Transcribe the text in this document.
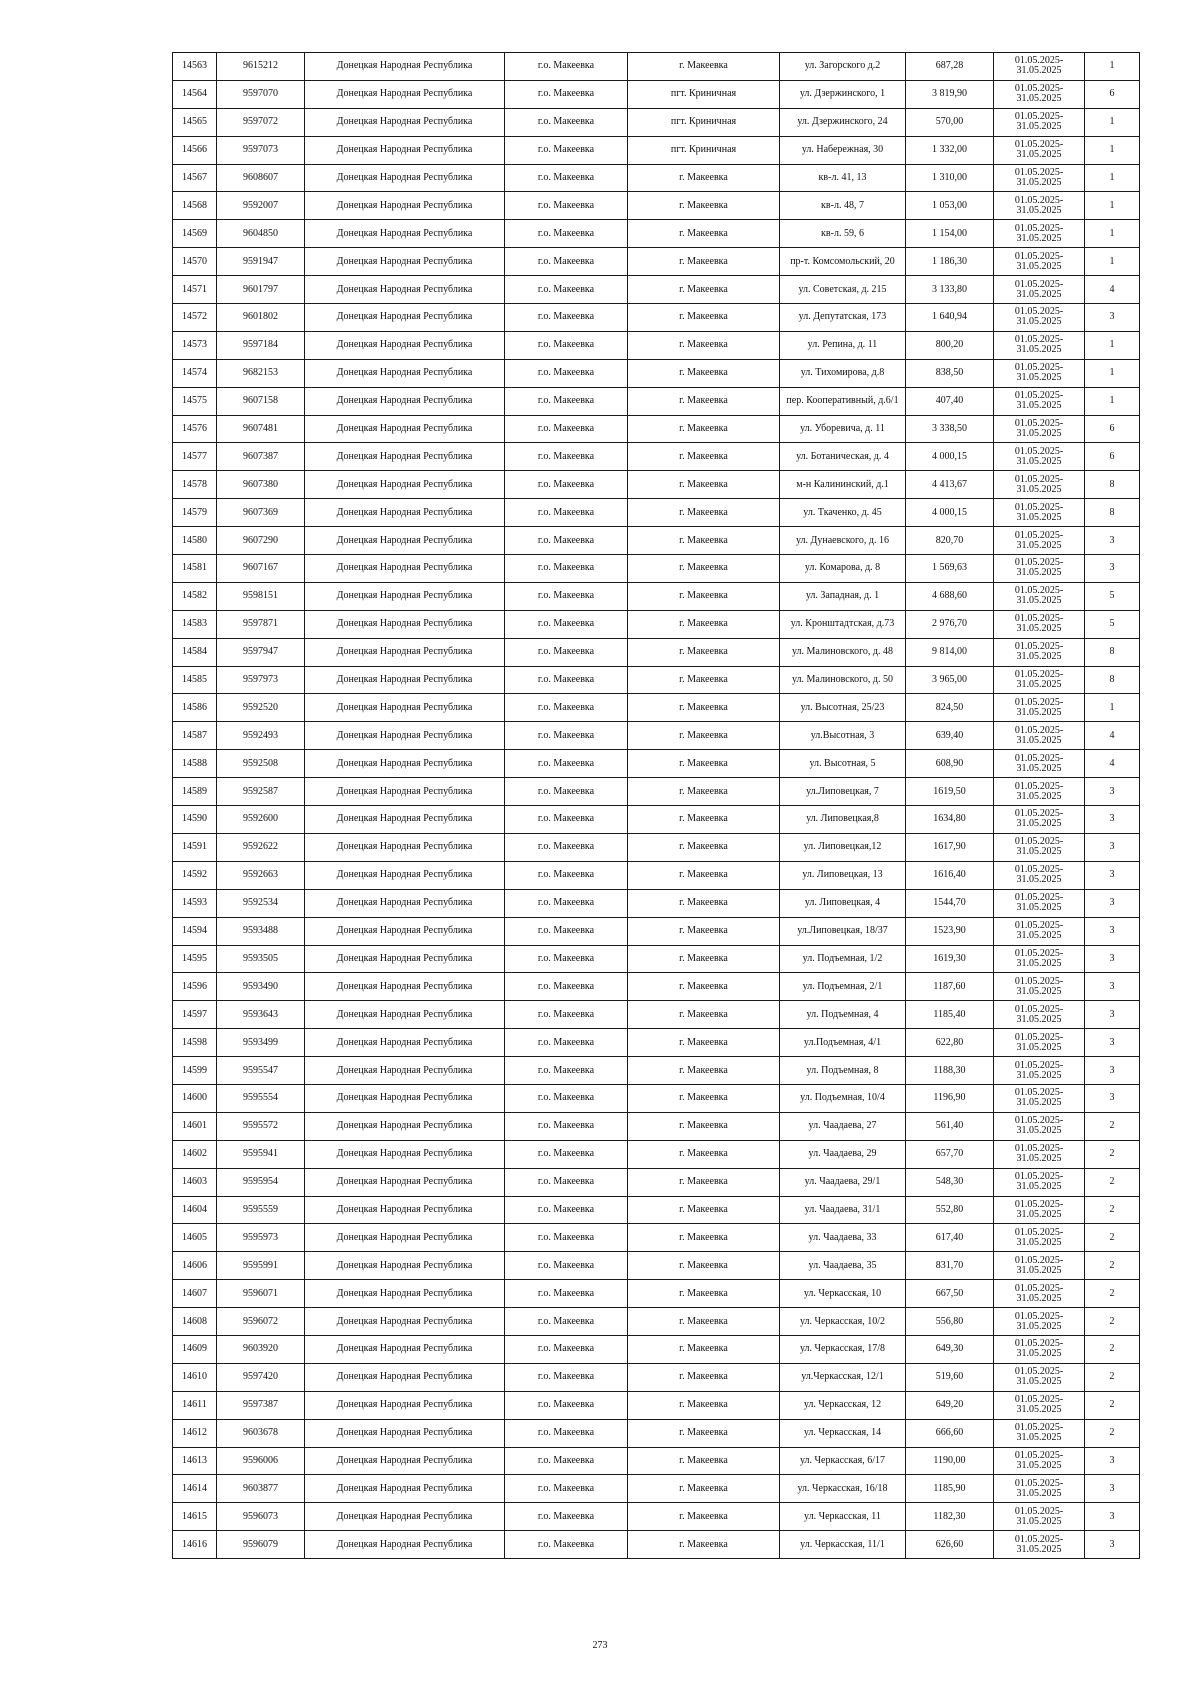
14563	9615212	Донецкая Народная Республика	г.о. Макеевка	г. Макеевка	ул. Загорского д.2	687,28	01.05.2025-31.05.2025	1
14564	9597070	Донецкая Народная Республика	г.о. Макеевка	пгт. Криничная	ул. Дзержинского, 1	3 819,90	01.05.2025-31.05.2025	6
14565	9597072	Донецкая Народная Республика	г.о. Макеевка	пгт. Криничная	ул. Дзержинского, 24	570,00	01.05.2025-31.05.2025	1
14566	9597073	Донецкая Народная Республика	г.о. Макеевка	пгт. Криничная	ул. Набережная, 30	1 332,00	01.05.2025-31.05.2025	1
14567	9608607	Донецкая Народная Республика	г.о. Макеевка	г. Макеевка	кв-л. 41, 13	1 310,00	01.05.2025-31.05.2025	1
14568	9592007	Донецкая Народная Республика	г.о. Макеевка	г. Макеевка	кв-л. 48, 7	1 053,00	01.05.2025-31.05.2025	1
14569	9604850	Донецкая Народная Республика	г.о. Макеевка	г. Макеевка	кв-л. 59, 6	1 154,00	01.05.2025-31.05.2025	1
14570	9591947	Донецкая Народная Республика	г.о. Макеевка	г. Макеевка	пр-т. Комсомольский, 20	1 186,30	01.05.2025-31.05.2025	1
14571	9601797	Донецкая Народная Республика	г.о. Макеевка	г. Макеевка	ул. Советская, д. 215	3 133,80	01.05.2025-31.05.2025	4
14572	9601802	Донецкая Народная Республика	г.о. Макеевка	г. Макеевка	ул. Депутатская, 173	1 640,94	01.05.2025-31.05.2025	3
14573	9597184	Донецкая Народная Республика	г.о. Макеевка	г. Макеевка	ул. Репина, д. 11	800,20	01.05.2025-31.05.2025	1
14574	9682153	Донецкая Народная Республика	г.о. Макеевка	г. Макеевка	ул. Тихомирова, д.8	838,50	01.05.2025-31.05.2025	1
14575	9607158	Донецкая Народная Республика	г.о. Макеевка	г. Макеевка	пер. Кооперативный, д.6/1	407,40	01.05.2025-31.05.2025	1
14576	9607481	Донецкая Народная Республика	г.о. Макеевка	г. Макеевка	ул. Уборевича, д. 11	3 338,50	01.05.2025-31.05.2025	6
14577	9607387	Донецкая Народная Республика	г.о. Макеевка	г. Макеевка	ул. Ботаническая, д. 4	4 000,15	01.05.2025-31.05.2025	6
14578	9607380	Донецкая Народная Республика	г.о. Макеевка	г. Макеевка	м-н Калининский, д.1	4 413,67	01.05.2025-31.05.2025	8
14579	9607369	Донецкая Народная Республика	г.о. Макеевка	г. Макеевка	ул. Ткаченко, д. 45	4 000,15	01.05.2025-31.05.2025	8
14580	9607290	Донецкая Народная Республика	г.о. Макеевка	г. Макеевка	ул. Дунаевского, д. 16	820,70	01.05.2025-31.05.2025	3
14581	9607167	Донецкая Народная Республика	г.о. Макеевка	г. Макеевка	ул. Комарова, д. 8	1 569,63	01.05.2025-31.05.2025	3
14582	9598151	Донецкая Народная Республика	г.о. Макеевка	г. Макеевка	ул. Западная, д. 1	4 688,60	01.05.2025-31.05.2025	5
14583	9597871	Донецкая Народная Республика	г.о. Макеевка	г. Макеевка	ул. Кронштадтская, д.73	2 976,70	01.05.2025-31.05.2025	5
14584	9597947	Донецкая Народная Республика	г.о. Макеевка	г. Макеевка	ул. Малиновского, д. 48	9 814,00	01.05.2025-31.05.2025	8
14585	9597973	Донецкая Народная Республика	г.о. Макеевка	г. Макеевка	ул. Малиновского, д. 50	3 965,00	01.05.2025-31.05.2025	8
14586	9592520	Донецкая Народная Республика	г.о. Макеевка	г. Макеевка	ул. Высотная, 25/23	824,50	01.05.2025-31.05.2025	1
14587	9592493	Донецкая Народная Республика	г.о. Макеевка	г. Макеевка	ул.Высотная, 3	639,40	01.05.2025-31.05.2025	4
14588	9592508	Донецкая Народная Республика	г.о. Макеевка	г. Макеевка	ул. Высотная, 5	608,90	01.05.2025-31.05.2025	4
14589	9592587	Донецкая Народная Республика	г.о. Макеевка	г. Макеевка	ул.Липовецкая, 7	1619,50	01.05.2025-31.05.2025	3
14590	9592600	Донецкая Народная Республика	г.о. Макеевка	г. Макеевка	ул. Липовецкая,8	1634,80	01.05.2025-31.05.2025	3
14591	9592622	Донецкая Народная Республика	г.о. Макеевка	г. Макеевка	ул. Липовецкая,12	1617,90	01.05.2025-31.05.2025	3
14592	9592663	Донецкая Народная Республика	г.о. Макеевка	г. Макеевка	ул. Липовецкая, 13	1616,40	01.05.2025-31.05.2025	3
14593	9592534	Донецкая Народная Республика	г.о. Макеевка	г. Макеевка	ул. Липовецкая, 4	1544,70	01.05.2025-31.05.2025	3
14594	9593488	Донецкая Народная Республика	г.о. Макеевка	г. Макеевка	ул.Липовецкая, 18/37	1523,90	01.05.2025-31.05.2025	3
14595	9593505	Донецкая Народная Республика	г.о. Макеевка	г. Макеевка	ул. Подъемная, 1/2	1619,30	01.05.2025-31.05.2025	3
14596	9593490	Донецкая Народная Республика	г.о. Макеевка	г. Макеевка	ул. Подъемная, 2/1	1187,60	01.05.2025-31.05.2025	3
14597	9593643	Донецкая Народная Республика	г.о. Макеевка	г. Макеевка	ул. Подъемная, 4	1185,40	01.05.2025-31.05.2025	3
14598	9593499	Донецкая Народная Республика	г.о. Макеевка	г. Макеевка	ул.Подъемная, 4/1	622,80	01.05.2025-31.05.2025	3
14599	9595547	Донецкая Народная Республика	г.о. Макеевка	г. Макеевка	ул. Подъемная, 8	1188,30	01.05.2025-31.05.2025	3
14600	9595554	Донецкая Народная Республика	г.о. Макеевка	г. Макеевка	ул. Подъемная, 10/4	1196,90	01.05.2025-31.05.2025	3
14601	9595572	Донецкая Народная Республика	г.о. Макеевка	г. Макеевка	ул. Чаадаева, 27	561,40	01.05.2025-31.05.2025	2
14602	9595941	Донецкая Народная Республика	г.о. Макеевка	г. Макеевка	ул. Чаадаева, 29	657,70	01.05.2025-31.05.2025	2
14603	9595954	Донецкая Народная Республика	г.о. Макеевка	г. Макеевка	ул. Чаадаева, 29/1	548,30	01.05.2025-31.05.2025	2
14604	9595559	Донецкая Народная Республика	г.о. Макеевка	г. Макеевка	ул. Чаадаева, 31/1	552,80	01.05.2025-31.05.2025	2
14605	9595973	Донецкая Народная Республика	г.о. Макеевка	г. Макеевка	ул. Чаадаева, 33	617,40	01.05.2025-31.05.2025	2
14606	9595991	Донецкая Народная Республика	г.о. Макеевка	г. Макеевка	ул. Чаадаева, 35	831,70	01.05.2025-31.05.2025	2
14607	9596071	Донецкая Народная Республика	г.о. Макеевка	г. Макеевка	ул. Черкасская, 10	667,50	01.05.2025-31.05.2025	2
14608	9596072	Донецкая Народная Республика	г.о. Макеевка	г. Макеевка	ул. Черкасская, 10/2	556,80	01.05.2025-31.05.2025	2
14609	9603920	Донецкая Народная Республика	г.о. Макеевка	г. Макеевка	ул. Черкасская, 17/8	649,30	01.05.2025-31.05.2025	2
14610	9597420	Донецкая Народная Республика	г.о. Макеевка	г. Макеевка	ул.Черкасская, 12/1	519,60	01.05.2025-31.05.2025	2
14611	9597387	Донецкая Народная Республика	г.о. Макеевка	г. Макеевка	ул. Черкасская, 12	649,20	01.05.2025-31.05.2025	2
14612	9603678	Донецкая Народная Республика	г.о. Макеевка	г. Макеевка	ул. Черкасская, 14	666,60	01.05.2025-31.05.2025	2
14613	9596006	Донецкая Народная Республика	г.о. Макеевка	г. Макеевка	ул. Черкасская, 6/17	1190,00	01.05.2025-31.05.2025	3
14614	9603877	Донецкая Народная Республика	г.о. Макеевка	г. Макеевка	ул. Черкасская, 16/18	1185,90	01.05.2025-31.05.2025	3
14615	9596073	Донецкая Народная Республика	г.о. Макеевка	г. Макеевка	ул. Черкасская, 11	1182,30	01.05.2025-31.05.2025	3
14616	9596079	Донецкая Народная Республика	г.о. Макеевка	г. Макеевка	ул. Черкасская, 11/1	626,60	01.05.2025-31.05.2025	3
273
